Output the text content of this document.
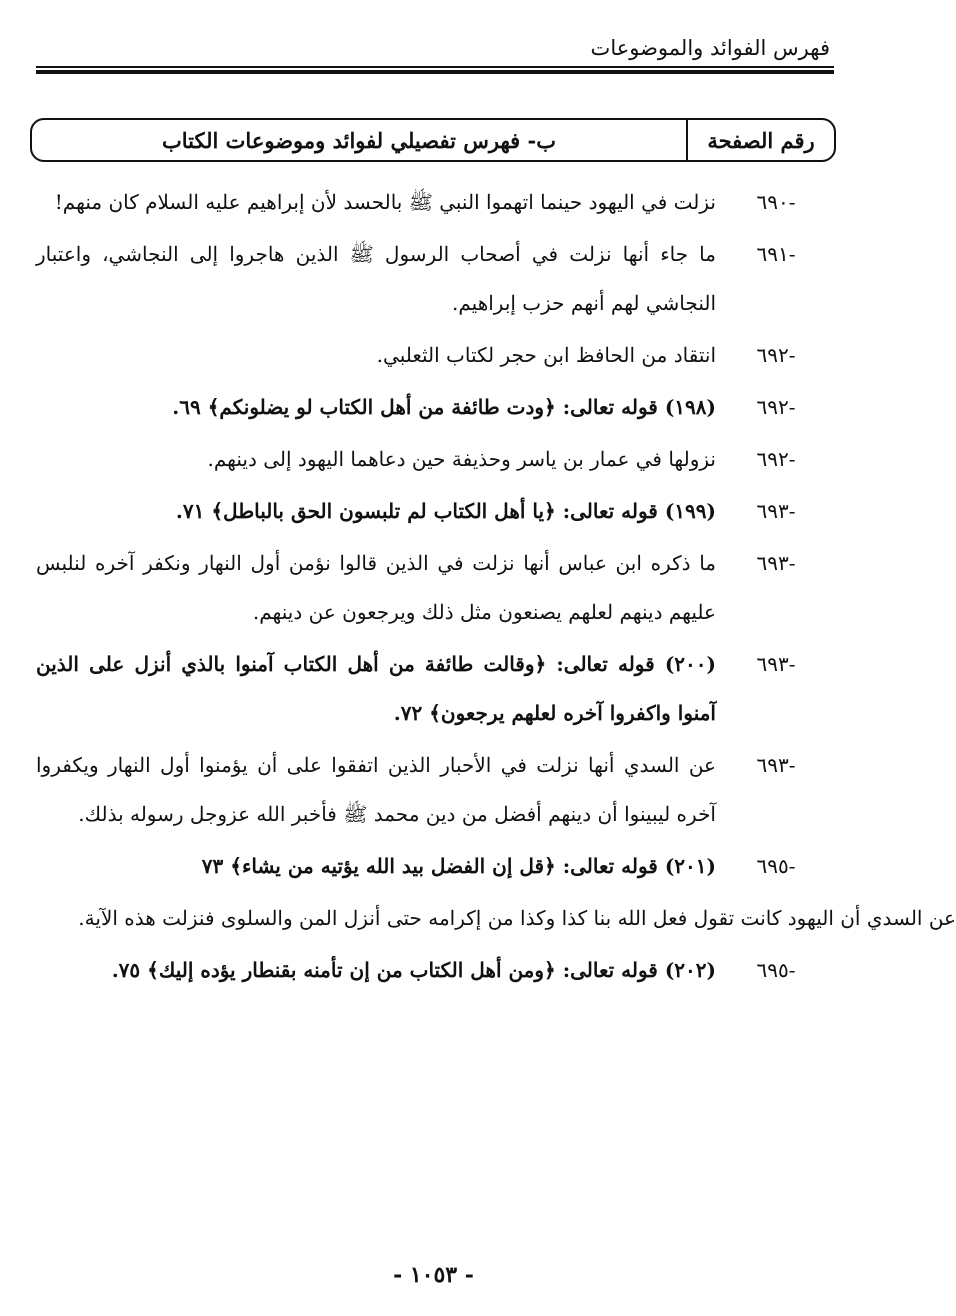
فهرس الفوائد والموضوعات
رقم الصفحة
ب- فهرس تفصيلي لفوائد وموضوعات الكتاب
-٦٩٠
نزلت في اليهود حينما اتهموا النبي ﷺ بالحسد لأن إبراهيم عليه السلام كان منهم!
-٦٩١
ما جاء أنها نزلت في أصحاب الرسول ﷺ الذين هاجروا إلى النجاشي، واعتبار النجاشي لهم أنهم حزب إبراهيم.
-٦٩٢
انتقاد من الحافظ ابن حجر لكتاب الثعلبي.
-٦٩٢
(١٩٨) قوله تعالى: ﴿ودت طائفة من أهل الكتاب لو يضلونكم﴾ ٦٩.
-٦٩٢
نزولها في عمار بن ياسر وحذيفة حين دعاهما اليهود إلى دينهم.
-٦٩٣
(١٩٩) قوله تعالى: ﴿يا أهل الكتاب لم تلبسون الحق بالباطل﴾ ٧١.
-٦٩٣
ما ذكره ابن عباس أنها نزلت في الذين قالوا نؤمن أول النهار ونكفر آخره لنلبس عليهم دينهم لعلهم يصنعون مثل ذلك ويرجعون عن دينهم.
-٦٩٣
(٢٠٠) قوله تعالى: ﴿وقالت طائفة من أهل الكتاب آمنوا بالذي أنزل على الذين آمنوا واكفروا آخره لعلهم يرجعون﴾ ٧٢.
-٦٩٣
عن السدي أنها نزلت في الأحبار الذين اتفقوا على أن يؤمنوا أول النهار ويكفروا آخره ليبينوا أن دينهم أفضل من دين محمد ﷺ فأخبر الله عزوجل رسوله بذلك.
-٦٩٥
(٢٠١) قوله تعالى: ﴿قل إن الفضل بيد الله يؤتيه من يشاء﴾ ٧٣
عن السدي أن اليهود كانت تقول فعل الله بنا كذا وكذا من إكرامه حتى أنزل المن والسلوى فنزلت هذه الآية.
-٦٩٥
(٢٠٢) قوله تعالى: ﴿ومن أهل الكتاب من إن تأمنه بقنطار يؤده إليك﴾ ٧٥.
- ١٠٥٣ -
